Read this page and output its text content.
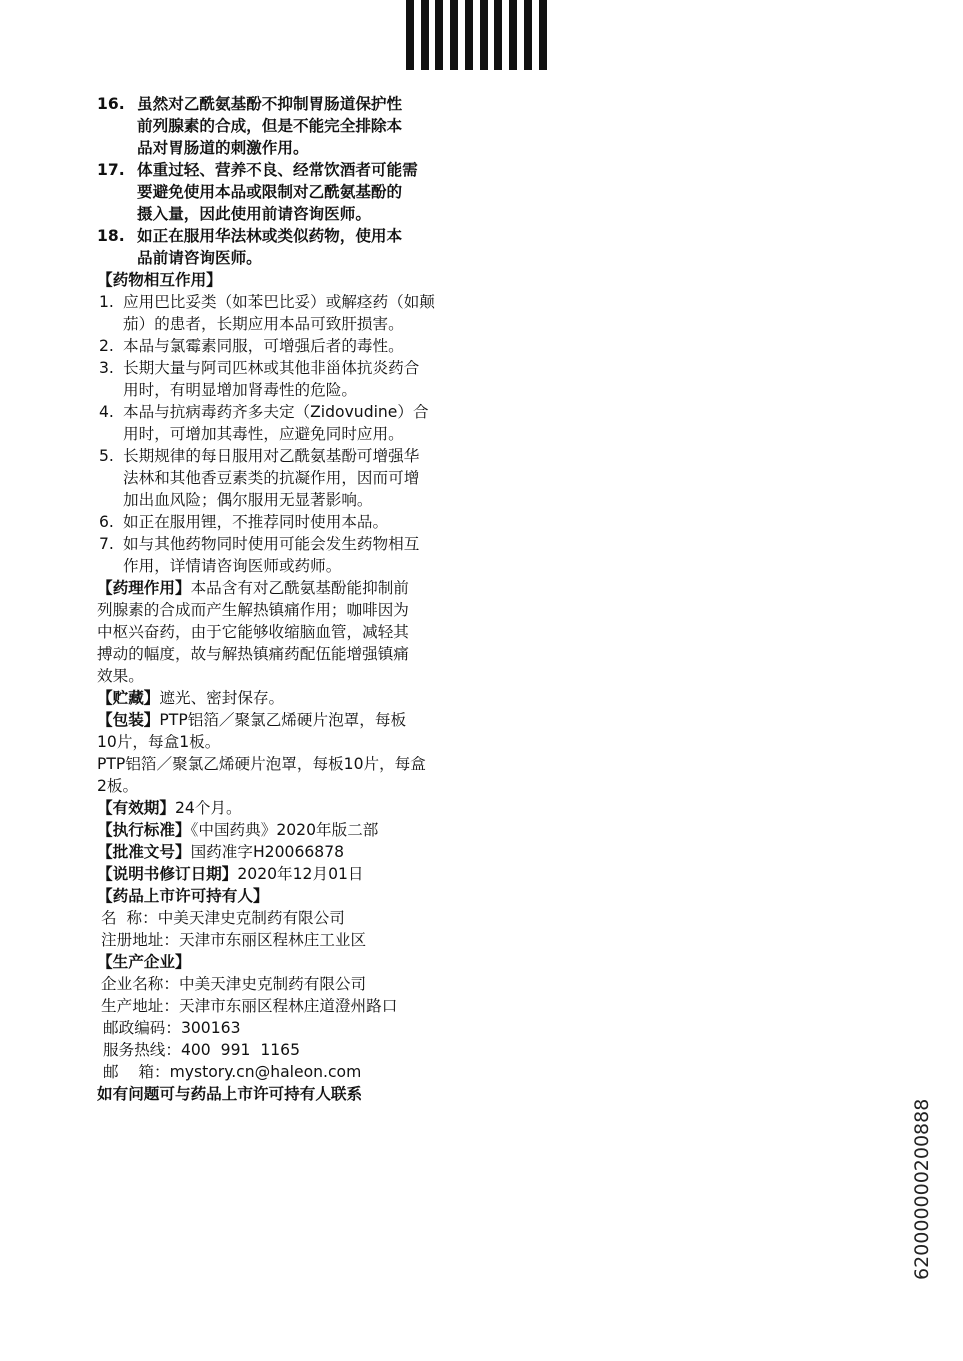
16. 虽然对乙酰氨基酚不抑制胃肠道保护性
前列腺素的合成，但是不能完全排除本
品对胃肠道的刺激作用。
17. 体重过轻、营养不良、经常饮酒者可能需
要避免使用本品或限制对乙酰氨基酚的
摄入量，因此使用前请咨询医师。
18. 如正在服用华法林或类似药物，使用本
品前请咨询医师。
【药物相互作用】
1. 应用巴比妥类（如苯巴比妥）或解痉药（如颠
茄）的患者，长期应用本品可致肝损害。
2. 本品与氯霉素同服，可增强后者的毒性。
3. 长期大量与阿司匹林或其他非甾体抗炎药合
用时，有明显增加肾毒性的危险。
4. 本品与抗病毒药齐多夫定（Zidovudine）合
用时，可增加其毒性，应避免同时应用。
5. 长期规律的每日服用对乙酰氨基酚可增强华
法林和其他香豆素类的抗凝作用，因而可增
加出血风险；偶尔服用无显著影响。
6. 如正在服用锂，不推荐同时使用本品。
7. 如与其他药物同时使用可能会发生药物相互
作用，详情请咨询医师或药师。
【药理作用】本品含有对乙酰氨基酚能抑制前
列腺素的合成而产生解热镇痛作用；咖啡因为
中枢兴奋药，由于它能够收缩脑血管，减轻其
搏动的幅度，故与解热镇痛药配伍能增强镇痛
效果。
【贮藏】遮光、密封保存。
【包装】PTP铝箔／聚氯乙烯硬片泡罩，每板
10片，每盒1板。
PTP铝箔／聚氯乙烯硬片泡罩，每板10片，每盒
2板。
【有效期】24个月。
【执行标准】《中国药典》2020年版二部
【批准文号】国药准字H20066878
【说明书修订日期】2020年12月01日
【药品上市许可持有人】
名  称：中美天津史克制药有限公司
注册地址：天津市东丽区程林庄工业区
【生产企业】
企业名称：中美天津史克制药有限公司
生产地址：天津市东丽区程林庄道澄州路口
邮政编码：300163
服务热线：400  991  1165
邮    箱：mystory.cn@haleon.com
如有问题可与药品上市许可持有人联系
620000000200888
